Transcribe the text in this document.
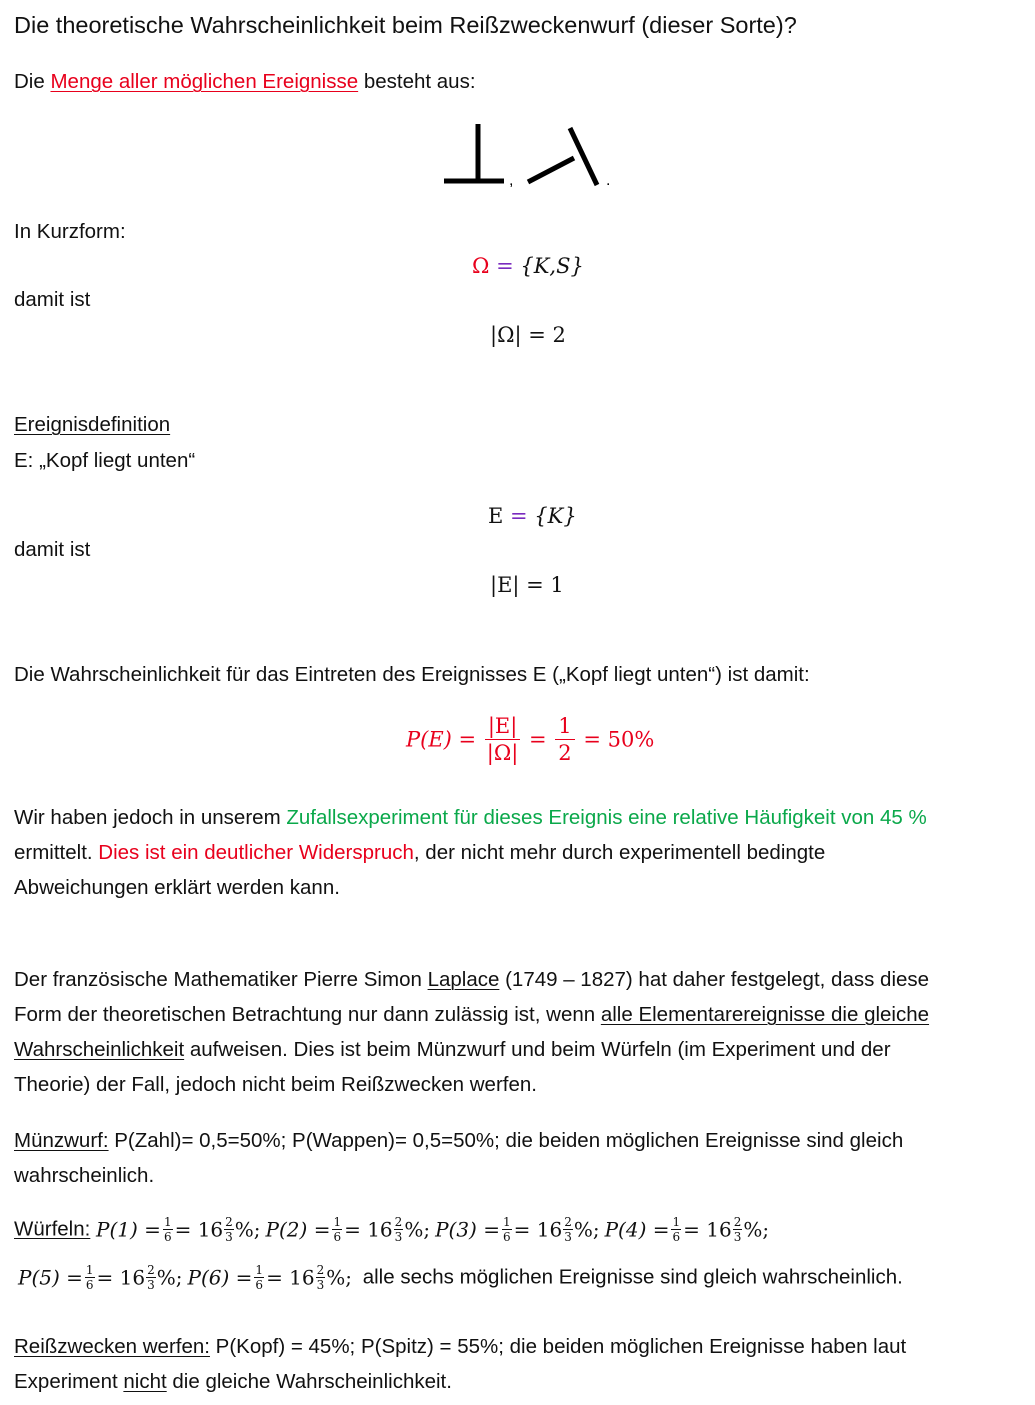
Die theoretische Wahrscheinlichkeit beim Reißzweckenwurf (dieser Sorte)?
Die Menge aller möglichen Ereignisse besteht aus:
,	.
In Kurzform:
Ω = {K,S}
damit ist
|Ω| = 2
Ereignisdefinition
E: „Kopf liegt unten“
E = {K}
damit ist
|E| = 1
Die Wahrscheinlichkeit für das Eintreten des Ereignisses E („Kopf liegt unten“) ist damit:
$P(E) = \frac{|E|}{|\Omega|} = \frac{1}{2} = 50\%$
Wir haben jedoch in unserem Zufallsexperiment für dieses Ereignis eine relative Häufigkeit von 45 %
ermittelt. Dies ist ein deutlicher Widerspruch, der nicht mehr durch experimentell bedingte
Abweichungen erklärt werden kann.
Der französische Mathematiker Pierre Simon Laplace (1749 – 1827) hat daher festgelegt, dass diese
Form der theoretischen Betrachtung nur dann zulässig ist, wenn alle Elementarereignisse die gleiche
Wahrscheinlichkeit aufweisen. Dies ist beim Münzwurf und beim Würfeln (im Experiment und der
Theorie) der Fall, jedoch nicht beim Reißzwecken werfen.
Münzwurf: P(Zahl)= 0,5=50%; P(Wappen)= 0,5=50%; die beiden möglichen Ereignisse sind gleich
wahrscheinlich.
Würfeln: $P(1) = \frac{1}{6} = 16 \frac{2}{3}$ %; $P(2) = \frac{1}{6} = 16 \frac{2}{3}$ %; $P(3) = \frac{1}{6} = 16 \frac{2}{3}$ %; $P(4) = \frac{1}{6} = 16 \frac{2}{3}$ %;
$P(5) = \frac{1}{6} = 16 \frac{2}{3}$ %; $P(6) = \frac{1}{6} = 16 \frac{2}{3}$ %; alle sechs möglichen Ereignisse sind gleich wahrscheinlich.
Reißzwecken werfen: P(Kopf) = 45%; P(Spitz) = 55%; die beiden möglichen Ereignisse haben laut
Experiment nicht die gleiche Wahrscheinlichkeit.
